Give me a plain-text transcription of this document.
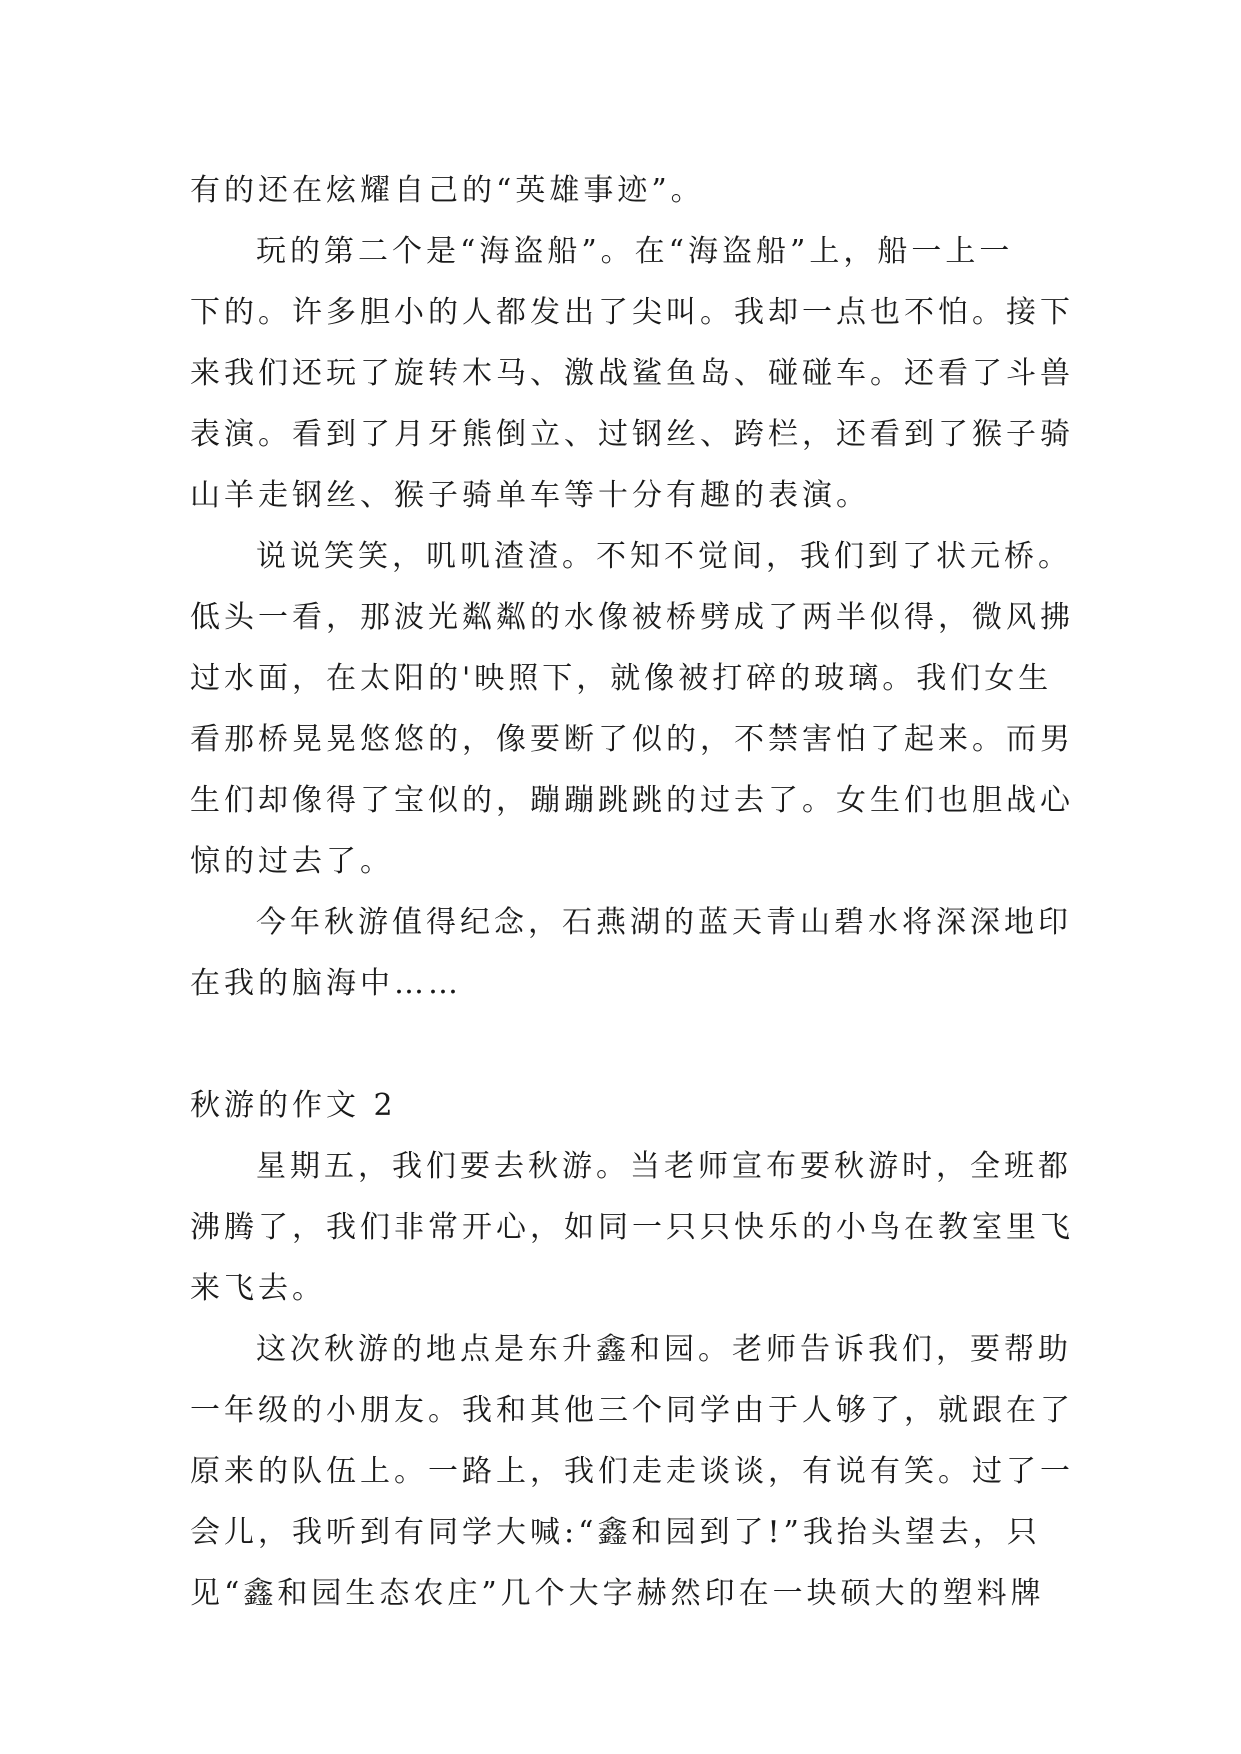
有的还在炫耀自己的“英雄事迹”。
玩的第二个是“海盗船”。在“海盗船”上，船一上一
下的。许多胆小的人都发出了尖叫。我却一点也不怕。接下
来我们还玩了旋转木马、激战鲨鱼岛、碰碰车。还看了斗兽
表演。看到了月牙熊倒立、过钢丝、跨栏，还看到了猴子骑
山羊走钢丝、猴子骑单车等十分有趣的表演。
说说笑笑，叽叽渣渣。不知不觉间，我们到了状元桥。
低头一看，那波光粼粼的水像被桥劈成了两半似得，微风拂
过水面，在太阳的'映照下，就像被打碎的玻璃。我们女生
看那桥晃晃悠悠的，像要断了似的，不禁害怕了起来。而男
生们却像得了宝似的，蹦蹦跳跳的过去了。女生们也胆战心
惊的过去了。
今年秋游值得纪念，石燕湖的蓝天青山碧水将深深地印
在我的脑海中……
秋游的作文 2
星期五，我们要去秋游。当老师宣布要秋游时，全班都
沸腾了，我们非常开心，如同一只只快乐的小鸟在教室里飞
来飞去。
这次秋游的地点是东升鑫和园。老师告诉我们，要帮助
一年级的小朋友。我和其他三个同学由于人够了，就跟在了
原来的队伍上。一路上，我们走走谈谈，有说有笑。过了一
会儿，我听到有同学大喊:“鑫和园到了!”我抬头望去，只
见“鑫和园生态农庄”几个大字赫然印在一块硕大的塑料牌
